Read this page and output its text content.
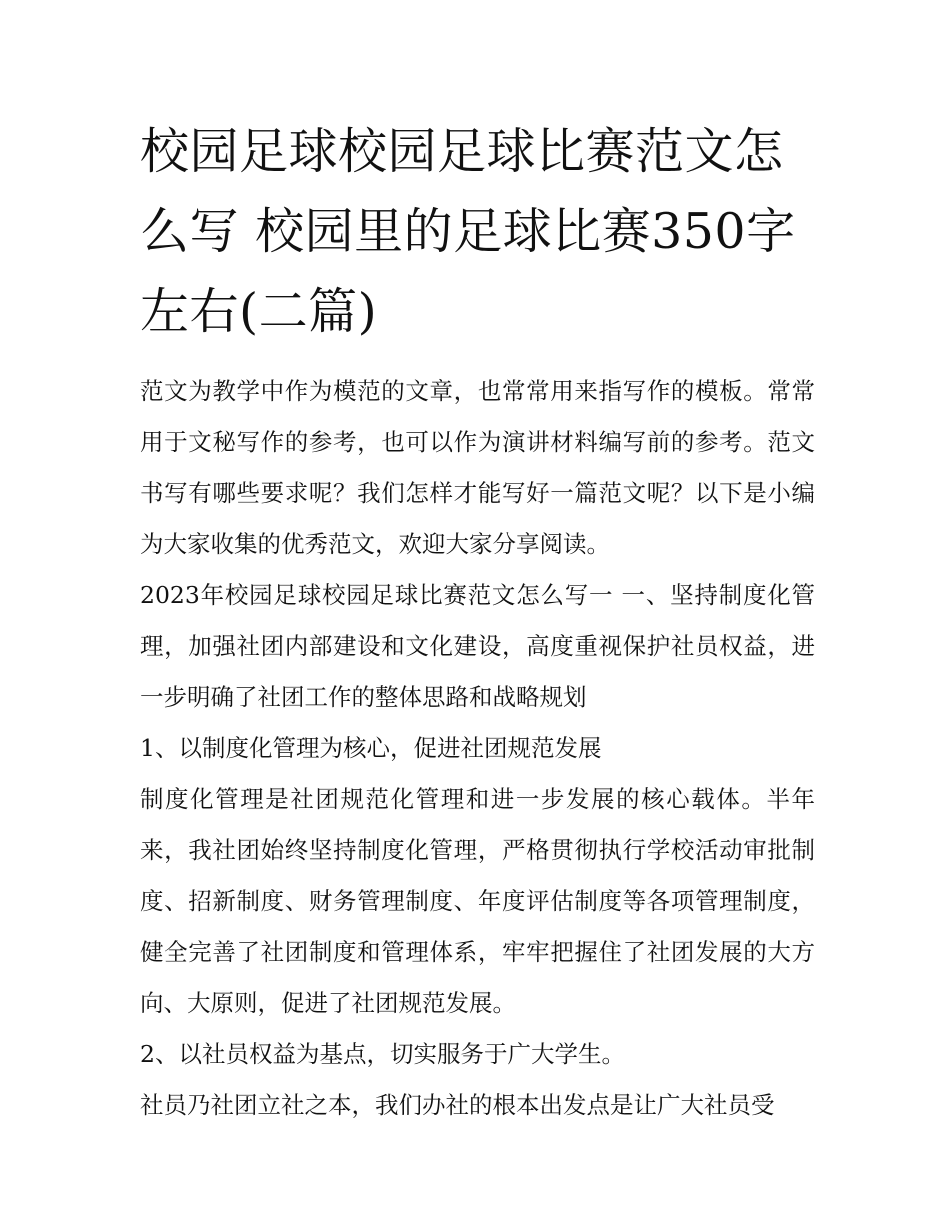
校园足球校园足球比赛范文怎么写 校园里的足球比赛350字左右(二篇)

范文为教学中作为模范的文章，也常常用来指写作的模板。常常用于文秘写作的参考，也可以作为演讲材料编写前的参考。范文书写有哪些要求呢？我们怎样才能写好一篇范文呢？以下是小编为大家收集的优秀范文，欢迎大家分享阅读。

2023年校园足球校园足球比赛范文怎么写一 一、坚持制度化管理，加强社团内部建设和文化建设，高度重视保护社员权益，进一步明确了社团工作的整体思路和战略规划

1、以制度化管理为核心，促进社团规范发展

制度化管理是社团规范化管理和进一步发展的核心载体。半年来，我社团始终坚持制度化管理，严格贯彻执行学校活动审批制度、招新制度、财务管理制度、年度评估制度等各项管理制度，健全完善了社团制度和管理体系，牢牢把握住了社团发展的大方向、大原则，促进了社团规范发展。

2、以社员权益为基点，切实服务于广大学生。

社员乃社团立社之本，我们办社的根本出发点是让广大社员受
